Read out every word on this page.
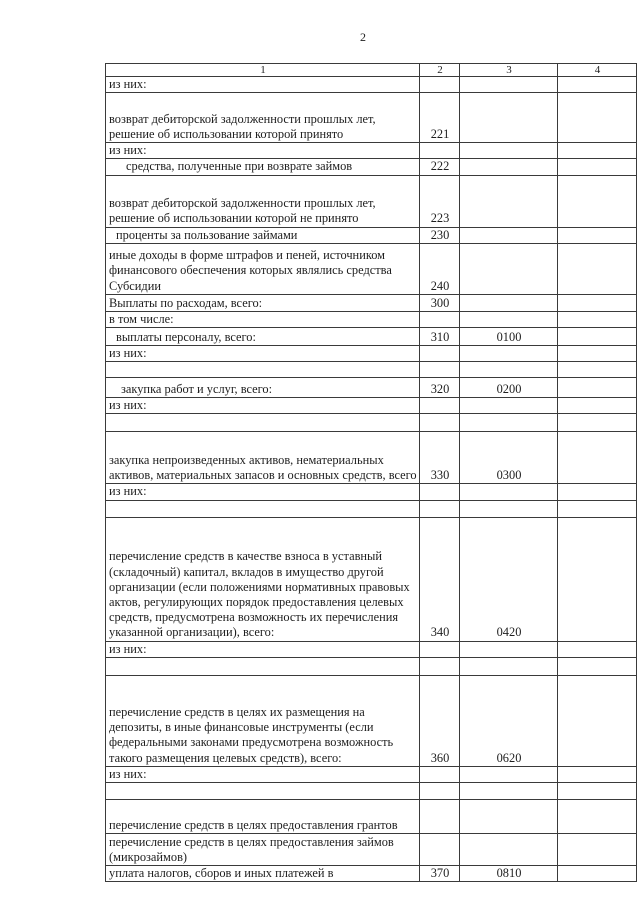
2
1	2	3	4
из них:			
возврат дебиторской задолженности прошлых лет, решение об использовании которой принято	221		
из них:			
средства, полученные при возврате займов	222		
возврат дебиторской задолженности прошлых лет, решение об использовании которой не принято	223		
проценты за пользование займами	230		
иные доходы в форме штрафов и пеней, источником финансового обеспечения которых являлись средства Субсидии	240		
Выплаты по расходам, всего:	300		
в том числе:			
выплаты персоналу, всего:	310	0100	
из них:			

закупка работ и услуг, всего:	320	0200	
из них:			

закупка непроизведенных активов, нематериальных активов, материальных запасов и основных средств, всего	330	0300	
из них:			

перечисление средств в качестве взноса в уставный (складочный) капитал, вкладов в имущество другой организации (если положениями нормативных правовых актов, регулирующих порядок предоставления целевых средств, предусмотрена возможность их перечисления указанной организации), всего:	340	0420	
из них:			

перечисление средств в целях их размещения на депозиты, в иные финансовые инструменты (если федеральными законами предусмотрена возможность такого размещения целевых средств), всего:	360	0620	
из них:			

перечисление средств в целях предоставления грантов			
перечисление средств в целях предоставления займов (микрозаймов)			
уплата налогов, сборов и иных платежей в	370	0810	
